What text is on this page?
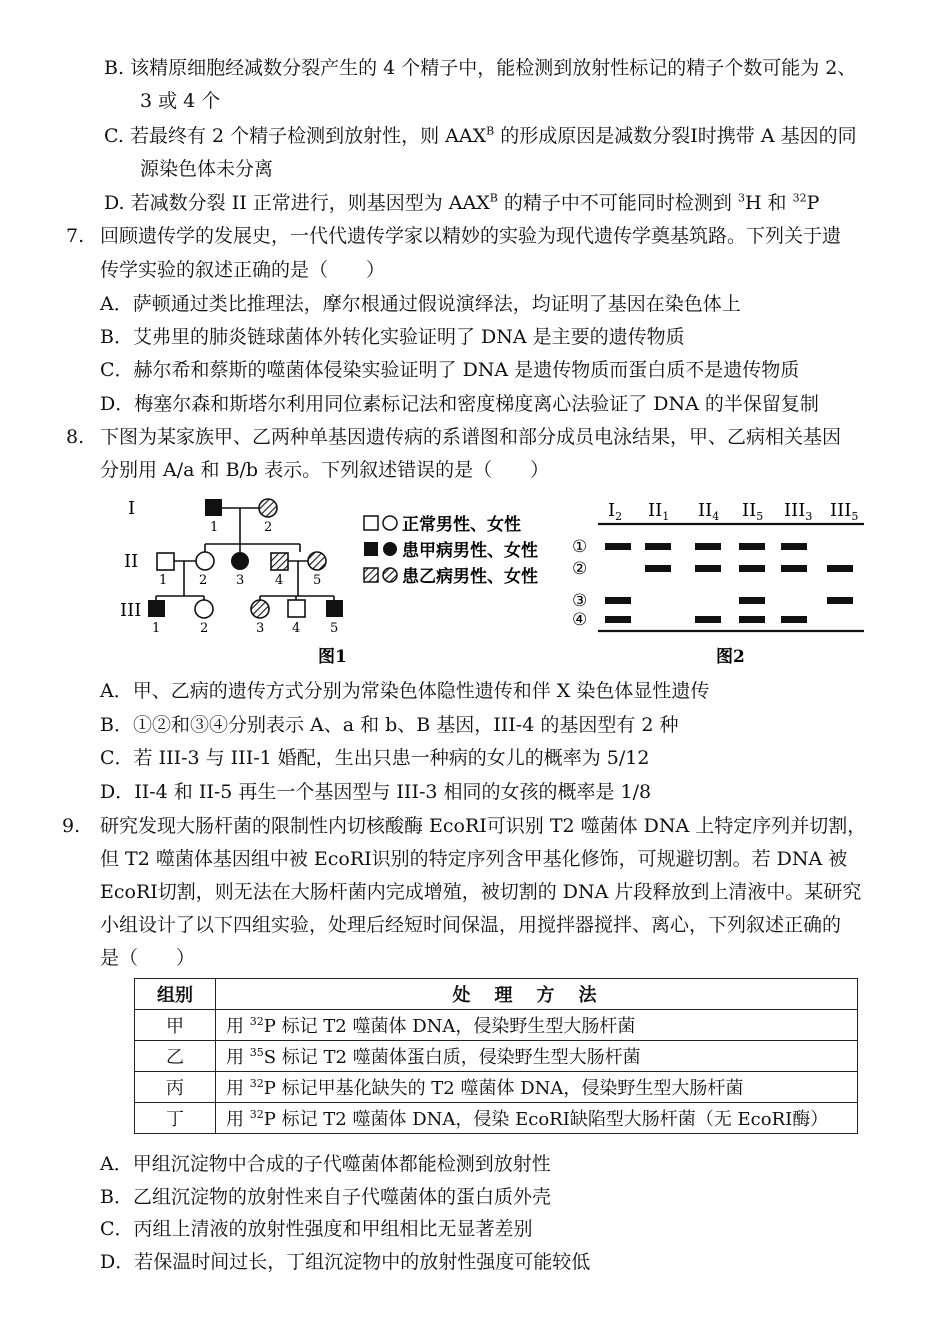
B. 该精原细胞经减数分裂产生的 4 个精子中，能检测到放射性标记的精子个数可能为 2、
3 或 4 个
C. 若最终有 2 个精子检测到放射性，则 $AAX^B$ 的形成原因是减数分裂Ⅰ时携带 A 基因的同
源染色体未分离
D. 若减数分裂 II 正常进行，则基因型为 $AAX^B$ 的精子中不可能同时检测到 $^3$H 和 $^{32}$P
7. 回顾遗传学的发展史，一代代遗传学家以精妙的实验为现代遗传学奠基筑路。下列关于遗
传学实验的叙述正确的是（　　）
A．萨顿通过类比推理法，摩尔根通过假说演绎法，均证明了基因在染色体上
B．艾弗里的肺炎链球菌体外转化实验证明了 DNA 是主要的遗传物质
C．赫尔希和蔡斯的噬菌体侵染实验证明了 DNA 是遗传物质而蛋白质不是遗传物质
D．梅塞尔森和斯塔尔利用同位素标记法和密度梯度离心法验证了 DNA 的半保留复制
8. 下图为某家族甲、乙两种单基因遗传病的系谱图和部分成员电泳结果，甲、乙病相关基因
分别用 A/a 和 B/b 表示。下列叙述错误的是（　　）
I
II
III
1	2
1 2 3 4 5
1	2	3 4 5
图1
正常男性、女性
患甲病男性、女性
患乙病男性、女性
图2
①
②
③
④
$I_2$ $II_1$ $II_4$ $II_5$ $III_3$ $III_5$
A．甲、乙病的遗传方式分别为常染色体隐性遗传和伴 X 染色体显性遗传
B．①②和③④分别表示 A、a 和 b、B 基因，III-4 的基因型有 2 种
C．若 III-3 与 III-1 婚配，生出只患一种病的女儿的概率为 5/12
D．II-4 和 II-5 再生一个基因型与 III-3 相同的女孩的概率是 1/8
9. 研究发现大肠杆菌的限制性内切核酸酶 EcoRI可识别 T2 噬菌体 DNA 上特定序列并切割，
但 T2 噬菌体基因组中被 EcoRI识别的特定序列含甲基化修饰，可规避切割。若 DNA 被
EcoRI切割，则无法在大肠杆菌内完成增殖，被切割的 DNA 片段释放到上清液中。某研究
小组设计了以下四组实验，处理后经短时间保温，用搅拌器搅拌、离心，下列叙述正确的
是（　　）
组别	处理方法
甲	用 $^{32}$P 标记 T2 噬菌体 DNA，侵染野生型大肠杆菌
乙	用 $^{35}$S 标记 T2 噬菌体蛋白质，侵染野生型大肠杆菌
丙	用 $^{32}$P 标记甲基化缺失的 T2 噬菌体 DNA，侵染野生型大肠杆菌
丁	用 $^{32}$P 标记 T2 噬菌体 DNA，侵染 EcoRI缺陷型大肠杆菌（无 EcoRI酶）
A．甲组沉淀物中合成的子代噬菌体都能检测到放射性
B．乙组沉淀物的放射性来自子代噬菌体的蛋白质外壳
C．丙组上清液的放射性强度和甲组相比无显著差别
D．若保温时间过长，丁组沉淀物中的放射性强度可能较低
